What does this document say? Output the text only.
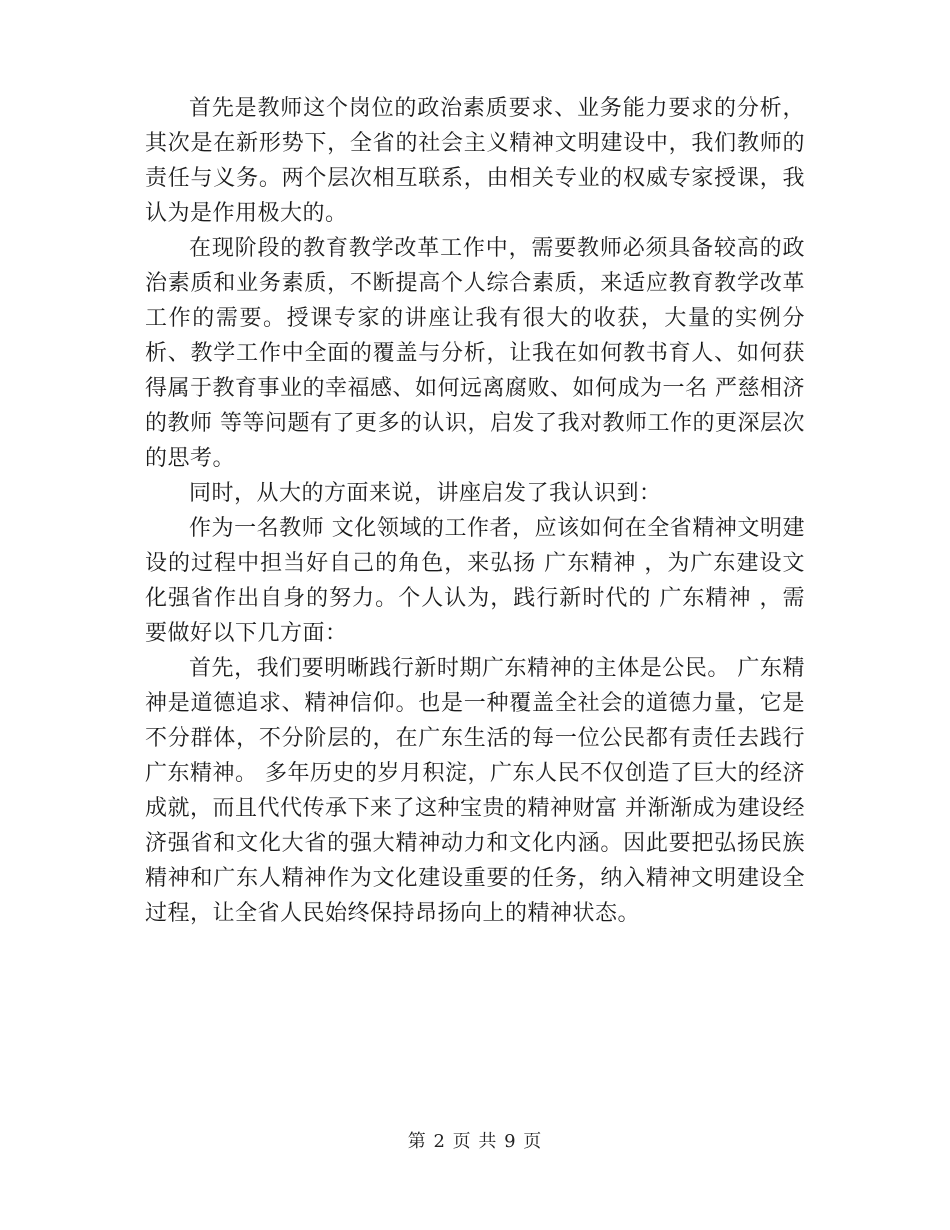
首先是教师这个岗位的政治素质要求、业务能力要求的分析，其次是在新形势下，全省的社会主义精神文明建设中，我们教师的责任与义务。两个层次相互联系，由相关专业的权威专家授课，我认为是作用极大的。

在现阶段的教育教学改革工作中，需要教师必须具备较高的政治素质和业务素质，不断提高个人综合素质，来适应教育教学改革工作的需要。授课专家的讲座让我有很大的收获，大量的实例分析、教学工作中全面的覆盖与分析，让我在如何教书育人、如何获得属于教育事业的幸福感、如何远离腐败、如何成为一名 严慈相济 的教师 等等问题有了更多的认识，启发了我对教师工作的更深层次的思考。

同时，从大的方面来说，讲座启发了我认识到：

作为一名教师 文化领域的工作者，应该如何在全省精神文明建设的过程中担当好自己的角色，来弘扬 广东精神 ，为广东建设文化强省作出自身的努力。个人认为，践行新时代的 广东精神 ，需要做好以下几方面：

首先，我们要明晰践行新时期广东精神的主体是公民。 广东精神是道德追求、精神信仰。也是一种覆盖全社会的道德力量，它是不分群体，不分阶层的，在广东生活的每一位公民都有责任去践行 广东精神。 多年历史的岁月积淀，广东人民不仅创造了巨大的经济成就，而且代代传承下来了这种宝贵的精神财富 并渐渐成为建设经济强省和文化大省的强大精神动力和文化内涵。因此要把弘扬民族精神和广东人精神作为文化建设重要的任务，纳入精神文明建设全过程，让全省人民始终保持昂扬向上的精神状态。

第 2 页 共 9 页
